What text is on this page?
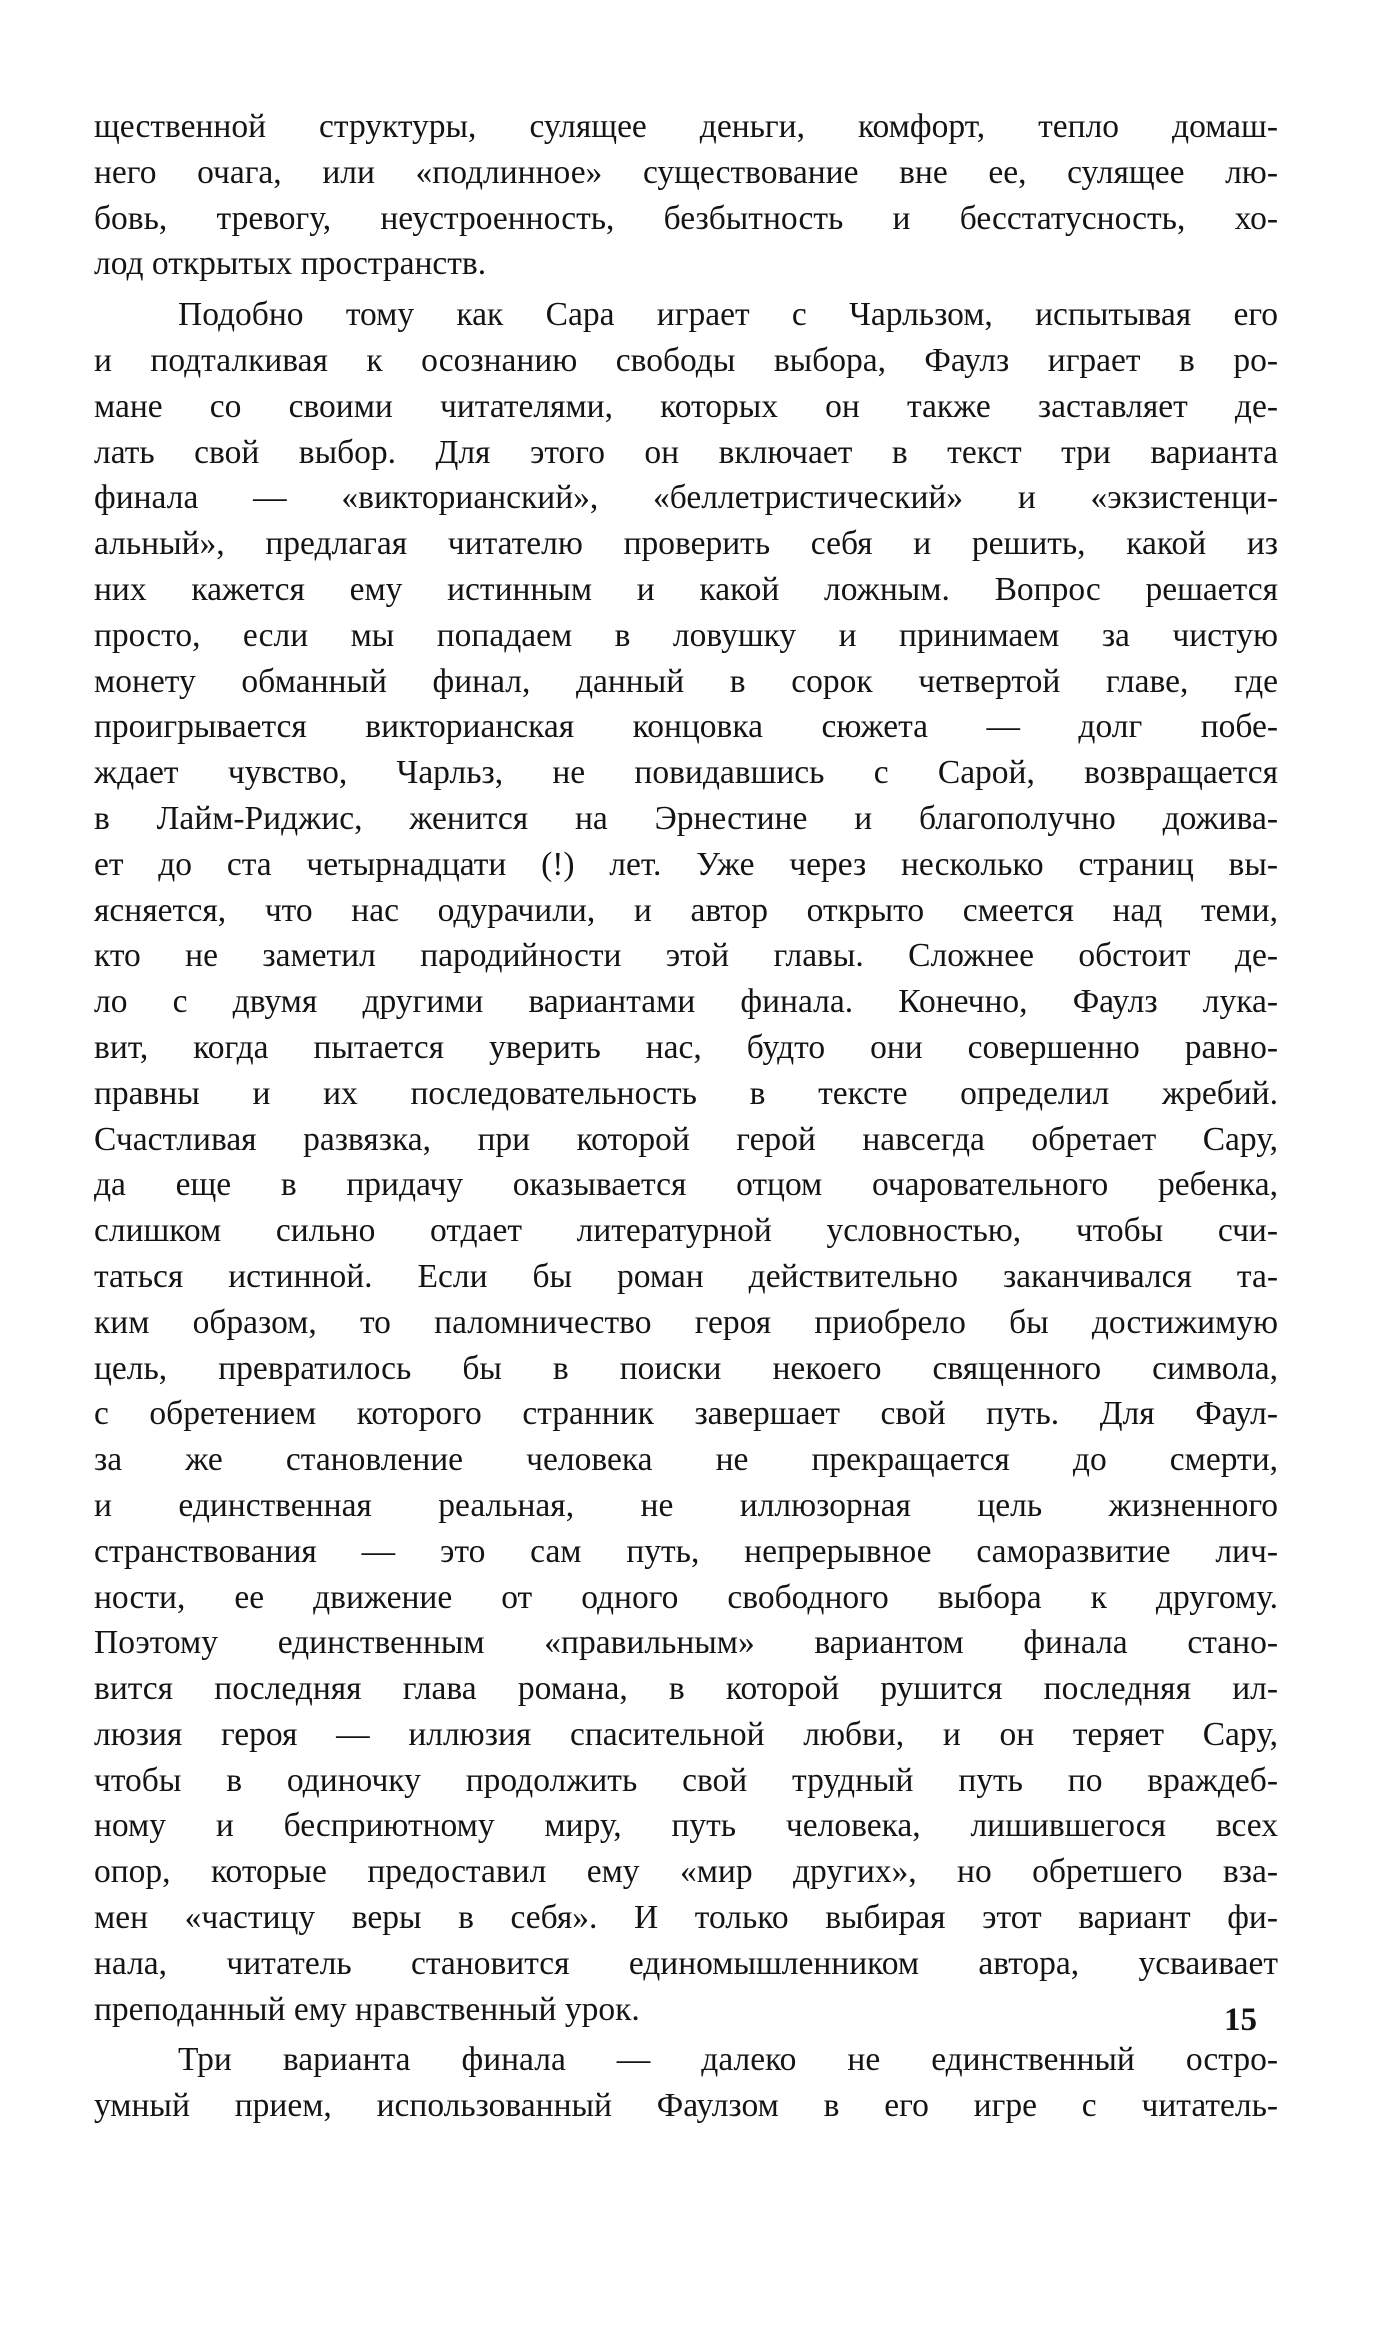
щественной структуры, сулящее деньги, комфорт, тепло домаш-
него очага, или «подлинное» существование вне ее, сулящее лю-
бовь, тревогу, неустроенность, безбытность и бесстатусность, хо-
лод открытых пространств.
Подобно тому как Сара играет с Чарльзом, испытывая его
и подталкивая к осознанию свободы выбора, Фаулз играет в ро-
мане со своими читателями, которых он также заставляет де-
лать свой выбор. Для этого он включает в текст три варианта
финала — «викторианский», «беллетристический» и «экзистенци-
альный», предлагая читателю проверить себя и решить, какой из
них кажется ему истинным и какой ложным. Вопрос решается
просто, если мы попадаем в ловушку и принимаем за чистую
монету обманный финал, данный в сорок четвертой главе, где
проигрывается викторианская концовка сюжета — долг побе-
ждает чувство, Чарльз, не повидавшись с Сарой, возвращается
в Лайм-Риджис, женится на Эрнестине и благополучно дожива-
ет до ста четырнадцати (!) лет. Уже через несколько страниц вы-
ясняется, что нас одурачили, и автор открыто смеется над теми,
кто не заметил пародийности этой главы. Сложнее обстоит де-
ло с двумя другими вариантами финала. Конечно, Фаулз лука-
вит, когда пытается уверить нас, будто они совершенно равно-
правны и их последовательность в тексте определил жребий.
Счастливая развязка, при которой герой навсегда обретает Сару,
да еще в придачу оказывается отцом очаровательного ребенка,
слишком сильно отдает литературной условностью, чтобы счи-
таться истинной. Если бы роман действительно заканчивался та-
ким образом, то паломничество героя приобрело бы достижимую
цель, превратилось бы в поиски некоего священного символа,
с обретением которого странник завершает свой путь. Для Фаул-
за же становление человека не прекращается до смерти,
и единственная реальная, не иллюзорная цель жизненного
странствования — это сам путь, непрерывное саморазвитие лич-
ности, ее движение от одного свободного выбора к другому.
Поэтому единственным «правильным» вариантом финала стано-
вится последняя глава романа, в которой рушится последняя ил-
люзия героя — иллюзия спасительной любви, и он теряет Сару,
чтобы в одиночку продолжить свой трудный путь по враждеб-
ному и бесприютному миру, путь человека, лишившегося всех
опор, которые предоставил ему «мир других», но обретшего вза-
мен «частицу веры в себя». И только выбирая этот вариант фи-
нала, читатель становится единомышленником автора, усваивает
преподанный ему нравственный урок.
Три варианта финала — далеко не единственный остро-
умный прием, использованный Фаулзом в его игре с читатель-
15
